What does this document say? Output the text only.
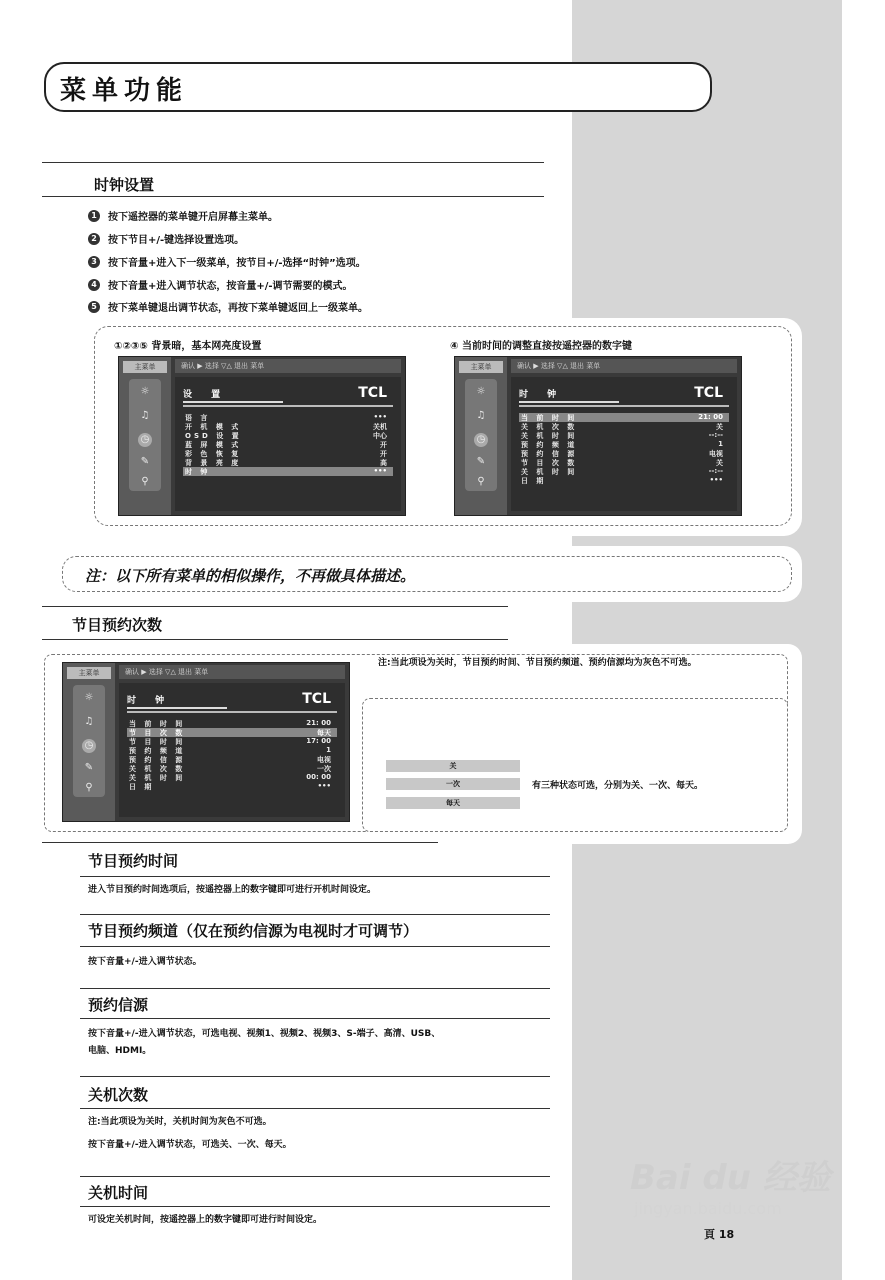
菜单功能
时钟设置
1	按下遥控器的菜单键开启屏幕主菜单。
2	按下节目+/-键选择设置选项。
3	按下音量+进入下一级菜单，按节目+/-选择“时钟”选项。
4	按下音量+进入调节状态，按音量+/-调节需要的模式。
5	按下菜单键退出调节状态，再按下菜单键返回上一级菜单。
①②③⑤ 背景暗，基本网亮度设置	④ 当前时间的调整直接按遥控器的数字键
主菜单
☼
♫
◷
✎
⚲
确认 ▶ 选择 ▽△ 退出 菜单
TCL
设 置
语 言	•••
开 机 模 式	关机
OSD 设 置	中心
蓝 屏 模 式	开
彩 色 恢 复	开
背 景 亮 度	高
时 钟	•••
主菜单
☼
♫
◷
✎
⚲
确认 ▶ 选择 ▽△ 退出 菜单
TCL
时 钟
当 前 时 间	21: 00
关 机 次 数	关
关 机 时 间	--:--
预 约 频 道	1
预 约 信 源	电视
节 目 次 数	关
关 机 时 间	--:--
日 期	•••
注：以下所有菜单的相似操作，不再做具体描述。
节目预约次数
主菜单
☼
♫
◷
✎
⚲
确认 ▶ 选择 ▽△ 退出 菜单
TCL
时 钟
当 前 时 间	21: 00
节 目 次 数	每天
节 目 时 间	17: 00
预 约 频 道	1
预 约 信 源	电视
关 机 次 数	一次
关 机 时 间	00: 00
日 期	•••
注:当此项设为关时，节目预约时间、节目预约频道、预约信源均为灰色不可选。
关
一次
每天
有三种状态可选，分别为关、一次、每天。
节目预约时间
进入节目预约时间选项后，按遥控器上的数字键即可进行开机时间设定。
节目预约频道（仅在预约信源为电视时才可调节）
按下音量+/-进入调节状态。
预约信源
按下音量+/-进入调节状态，可选电视、视频1、视频2、视频3、S-端子、高清、USB、
电脑、HDMI。
关机次数
注:当此项设为关时，关机时间为灰色不可选。
按下音量+/-进入调节状态，可选关、一次、每天。
关机时间
可设定关机时间，按遥控器上的数字键即可进行时间设定。
Bai du 经验
jingyan.baidu.com
頁 18
